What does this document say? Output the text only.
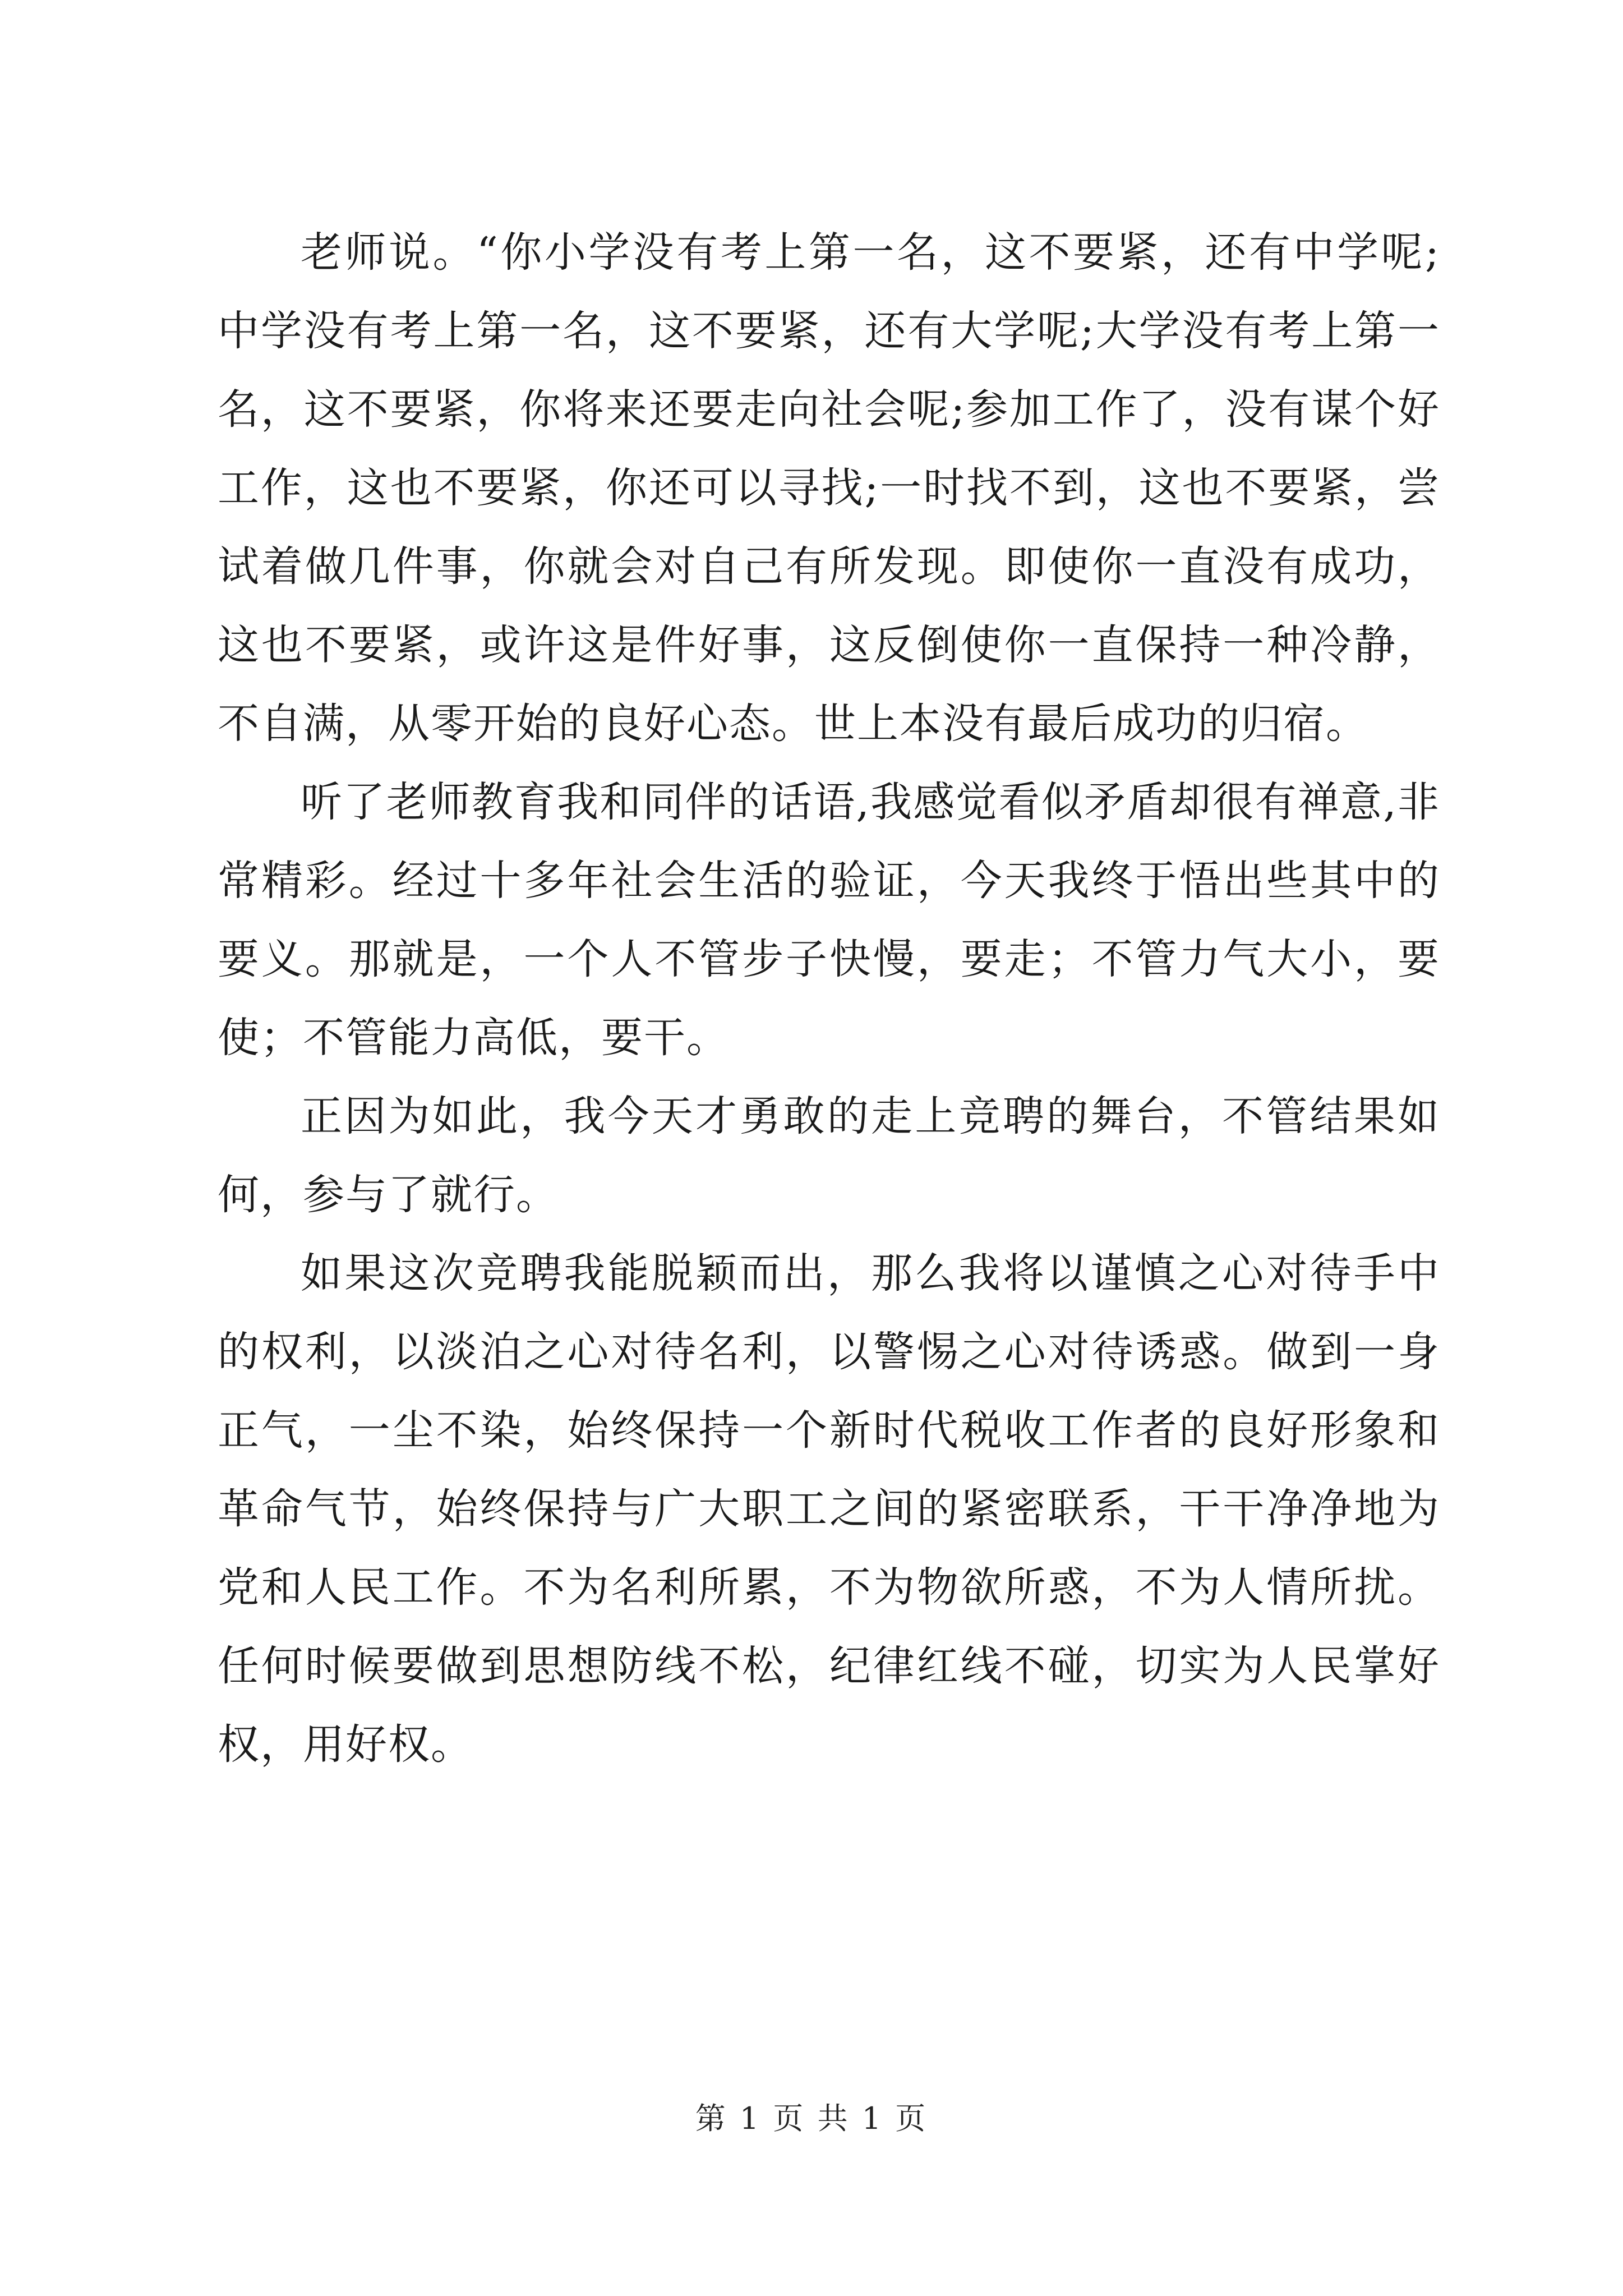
老师说。“你小学没有考上第一名，这不要紧，还有中学呢;中学没有考上第一名，这不要紧，还有大学呢;大学没有考上第一名，这不要紧，你将来还要走向社会呢;参加工作了，没有谋个好工作，这也不要紧，你还可以寻找;一时找不到，这也不要紧，尝试着做几件事，你就会对自己有所发现。即使你一直没有成功，这也不要紧，或许这是件好事，这反倒使你一直保持一种冷静，不自满，从零开始的良好心态。世上本没有最后成功的归宿。

听了老师教育我和同伴的话语,我感觉看似矛盾却很有禅意,非常精彩。经过十多年社会生活的验证，今天我终于悟出些其中的要义。那就是，一个人不管步子快慢，要走；不管力气大小，要使；不管能力高低，要干。

正因为如此，我今天才勇敢的走上竞聘的舞台，不管结果如何，参与了就行。

如果这次竞聘我能脱颖而出，那么我将以谨慎之心对待手中的权利，以淡泊之心对待名利，以警惕之心对待诱惑。做到一身正气，一尘不染，始终保持一个新时代税收工作者的良好形象和革命气节，始终保持与广大职工之间的紧密联系，干干净净地为党和人民工作。不为名利所累，不为物欲所惑，不为人情所扰。任何时候要做到思想防线不松，纪律红线不碰，切实为人民掌好权，用好权。

第 1 页 共 1 页
